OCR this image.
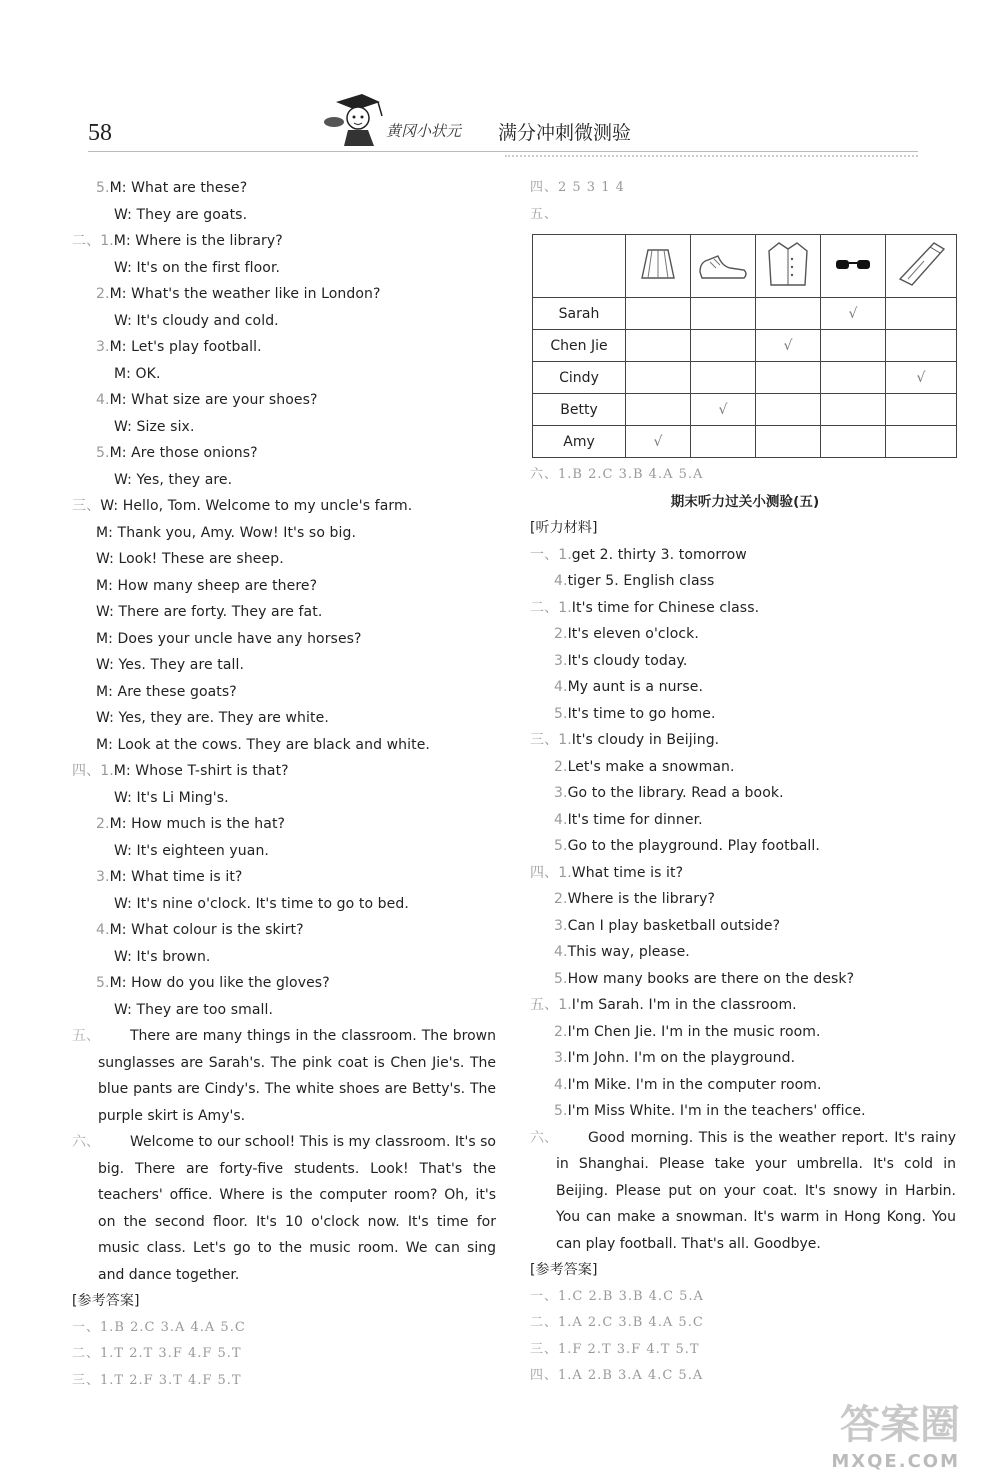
58	黄冈小状元 满分冲刺微测验
5.M: What are these?
W: They are goats.
二、1.M: Where is the library?
W: It's on the first floor.
2.M: What's the weather like in London?
W: It's cloudy and cold.
3.M: Let's play football.
M: OK.
4.M: What size are your shoes?
W: Size six.
5.M: Are those onions?
W: Yes, they are.
三、W: Hello, Tom. Welcome to my uncle's farm.
M: Thank you, Amy. Wow! It's so big.
W: Look! These are sheep.
M: How many sheep are there?
W: There are forty. They are fat.
M: Does your uncle have any horses?
W: Yes. They are tall.
M: Are these goats?
W: Yes, they are. They are white.
M: Look at the cows. They are black and white.
四、1.M: Whose T-shirt is that?
W: It's Li Ming's.
2.M: How much is the hat?
W: It's eighteen yuan.
3.M: What time is it?
W: It's nine o'clock. It's time to go to bed.
4.M: What colour is the skirt?
W: It's brown.
5.M: How do you like the gloves?
W: They are too small.
五、	There are many things in the classroom. The brown sunglasses are Sarah's. The pink coat is Chen Jie's. The blue pants are Cindy's. The white shoes are Betty's. The purple skirt is Amy's.
六、	Welcome to our school! This is my classroom. It's so big. There are forty-five students. Look! That's the teachers' office. Where is the computer room? Oh, it's on the second floor. It's 10 o'clock now. It's time for music class. Let's go to the music room. We can sing and dance together.
[参考答案]
一、1.B 2.C 3.A 4.A 5.C
二、1.T 2.T 3.F 4.F 5.T
三、1.T 2.F 3.T 4.F 5.T
四、2 5 3 1 4
五、

Sarah				√	
Chen Jie			√		
Cindy					√
Betty		√			
Amy	√				
六、1.B 2.C 3.B 4.A 5.A
期末听力过关小测验(五)
[听力材料]
一、1.get 2. thirty 3. tomorrow
4.tiger 5. English class
二、1.It's time for Chinese class.
2.It's eleven o'clock.
3.It's cloudy today.
4.My aunt is a nurse.
5.It's time to go home.
三、1.It's cloudy in Beijing.
2.Let's make a snowman.
3.Go to the library. Read a book.
4.It's time for dinner.
5.Go to the playground. Play football.
四、1.What time is it?
2.Where is the library?
3.Can I play basketball outside?
4.This way, please.
5.How many books are there on the desk?
五、1.I'm Sarah. I'm in the classroom.
2.I'm Chen Jie. I'm in the music room.
3.I'm John. I'm on the playground.
4.I'm Mike. I'm in the computer room.
5.I'm Miss White. I'm in the teachers' office.
六、	Good morning. This is the weather report. It's rainy in Shanghai. Please take your umbrella. It's cold in Beijing. Please put on your coat. It's snowy in Harbin. You can make a snowman. It's warm in Hong Kong. You can play football. That's all. Goodbye.
[参考答案]
一、1.C 2.B 3.B 4.C 5.A
二、1.A 2.C 3.B 4.A 5.C
三、1.F 2.T 3.F 4.T 5.T
四、1.A 2.B 3.A 4.C 5.A
答案圈
MXQE.COM
